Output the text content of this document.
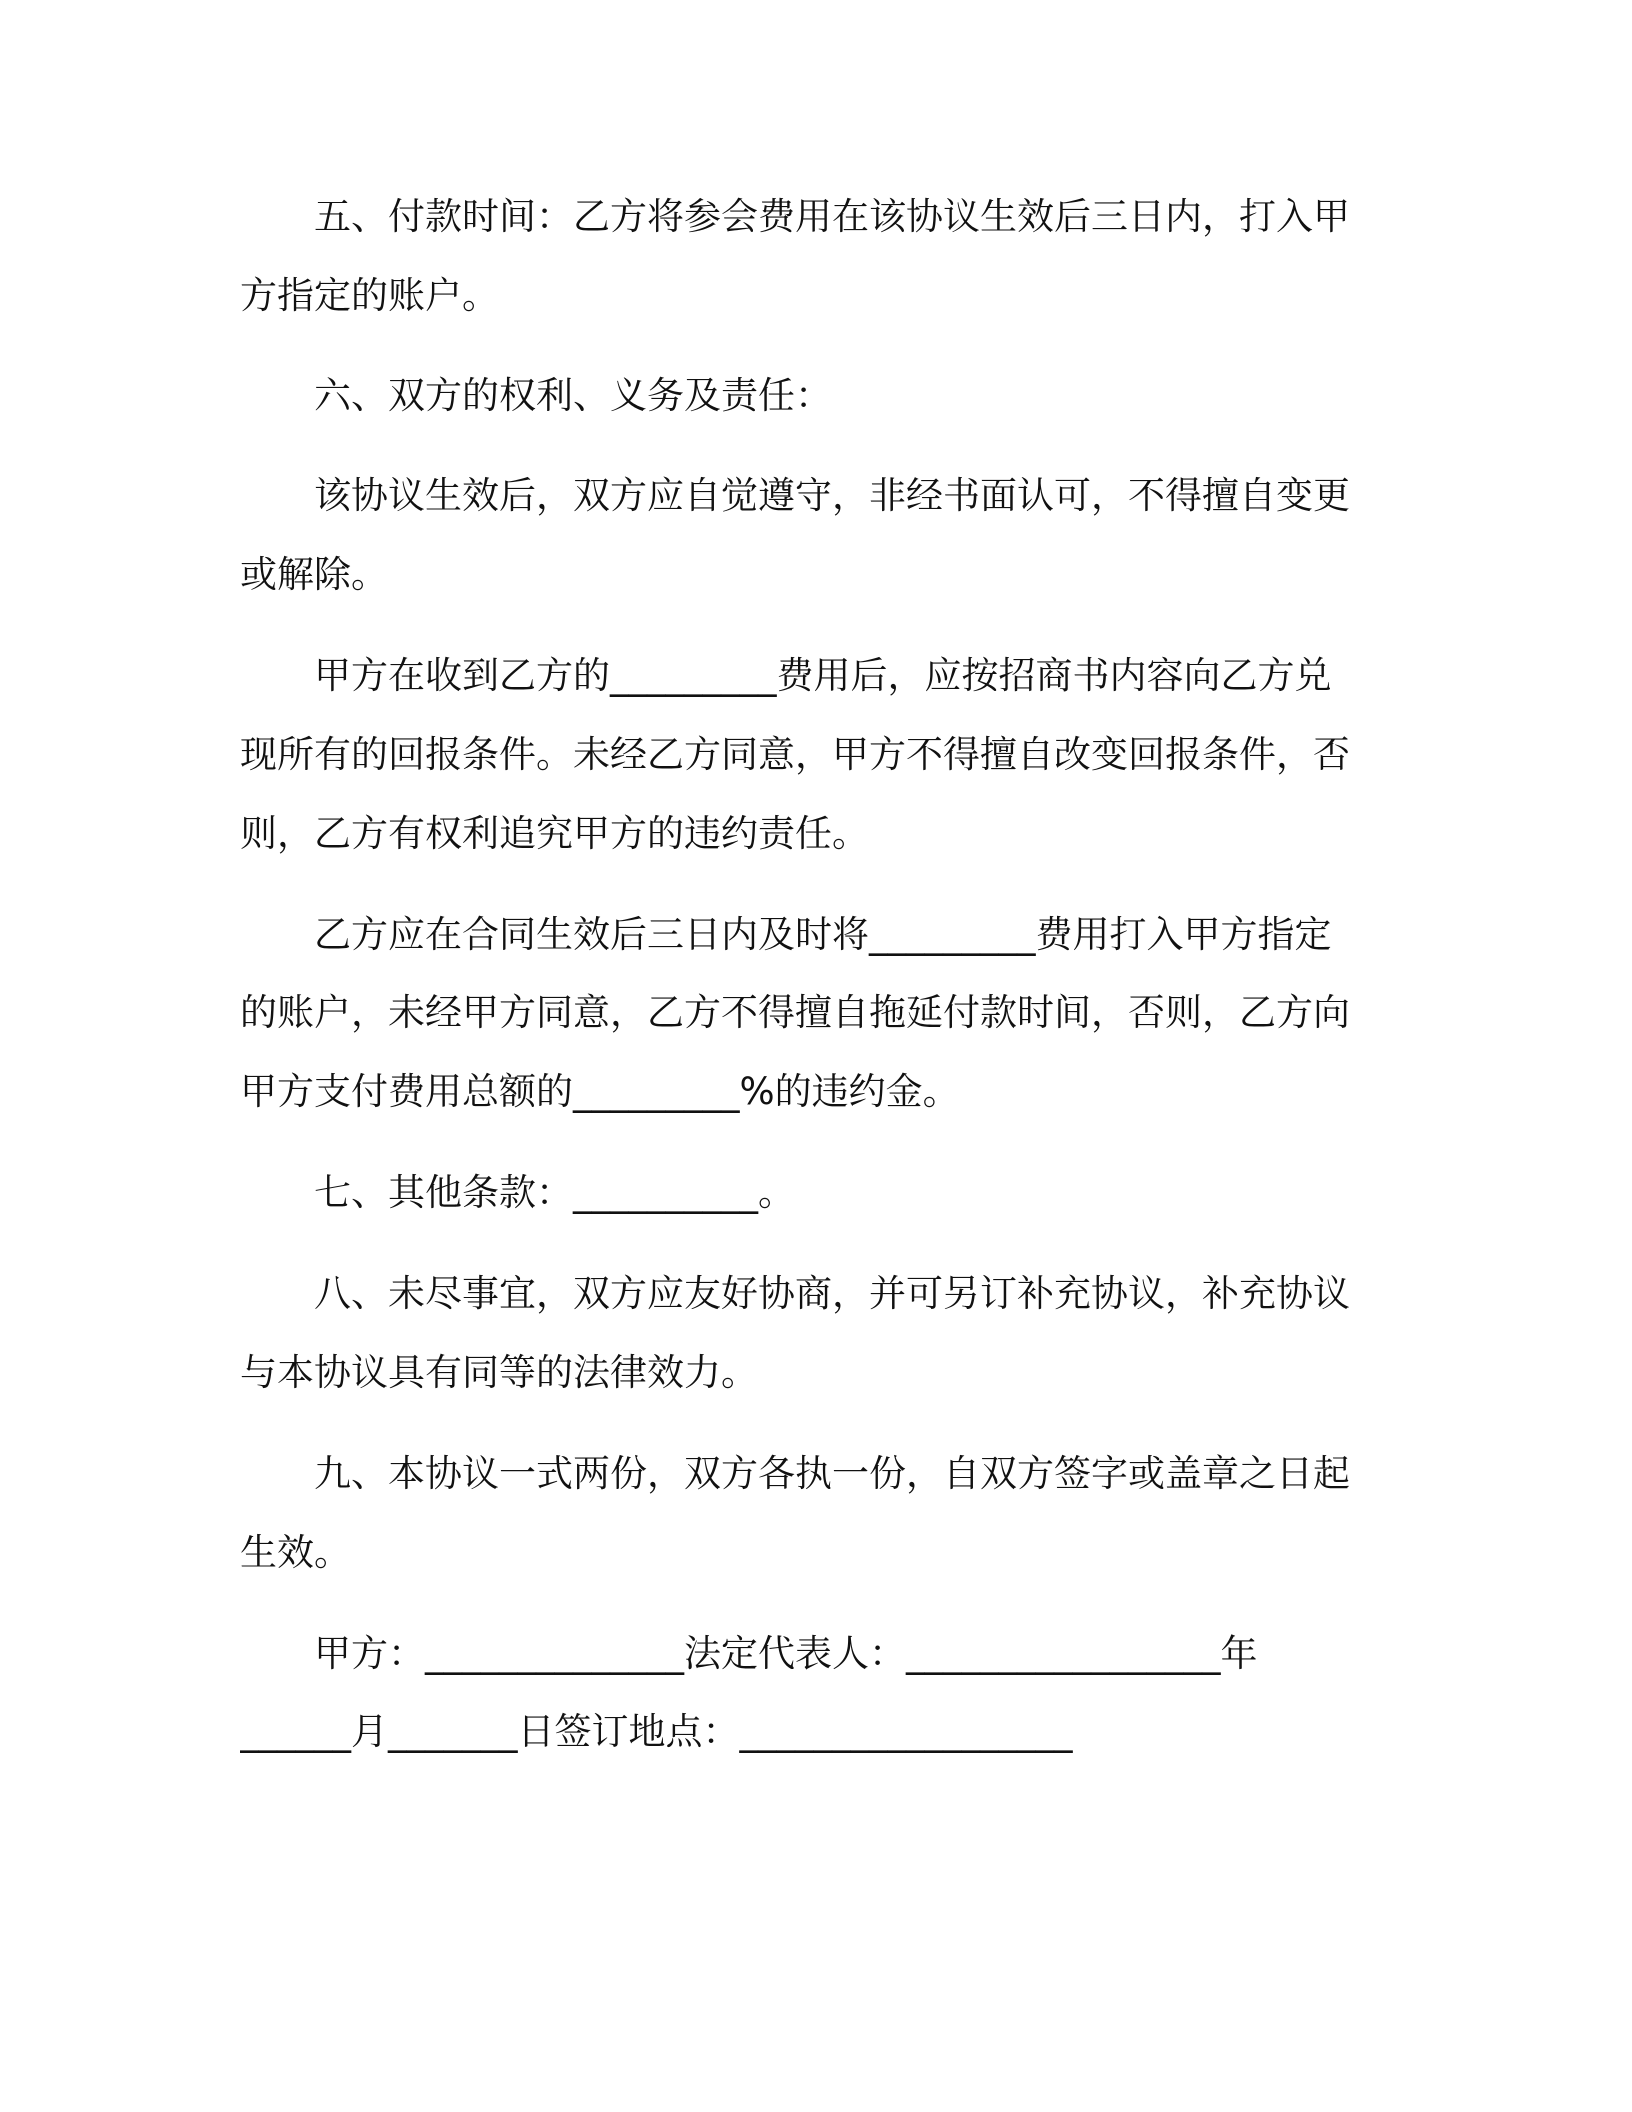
五、付款时间：乙方将参会费用在该协议生效后三日内，打入甲
方指定的账户。
六、双方的权利、义务及责任：
该协议生效后，双方应自觉遵守，非经书面认可，不得擅自变更
或解除。
甲方在收到乙方的_________费用后，应按招商书内容向乙方兑
现所有的回报条件。未经乙方同意，甲方不得擅自改变回报条件，否
则，乙方有权利追究甲方的违约责任。
乙方应在合同生效后三日内及时将_________费用打入甲方指定
的账户，未经甲方同意，乙方不得擅自拖延付款时间，否则，乙方向
甲方支付费用总额的_________%的违约金。
七、其他条款：__________。
八、未尽事宜，双方应友好协商，并可另订补充协议，补充协议
与本协议具有同等的法律效力。
九、本协议一式两份，双方各执一份，自双方签字或盖章之日起
生效。
甲方：______________法定代表人：_________________年
______月_______日签订地点：__________________
